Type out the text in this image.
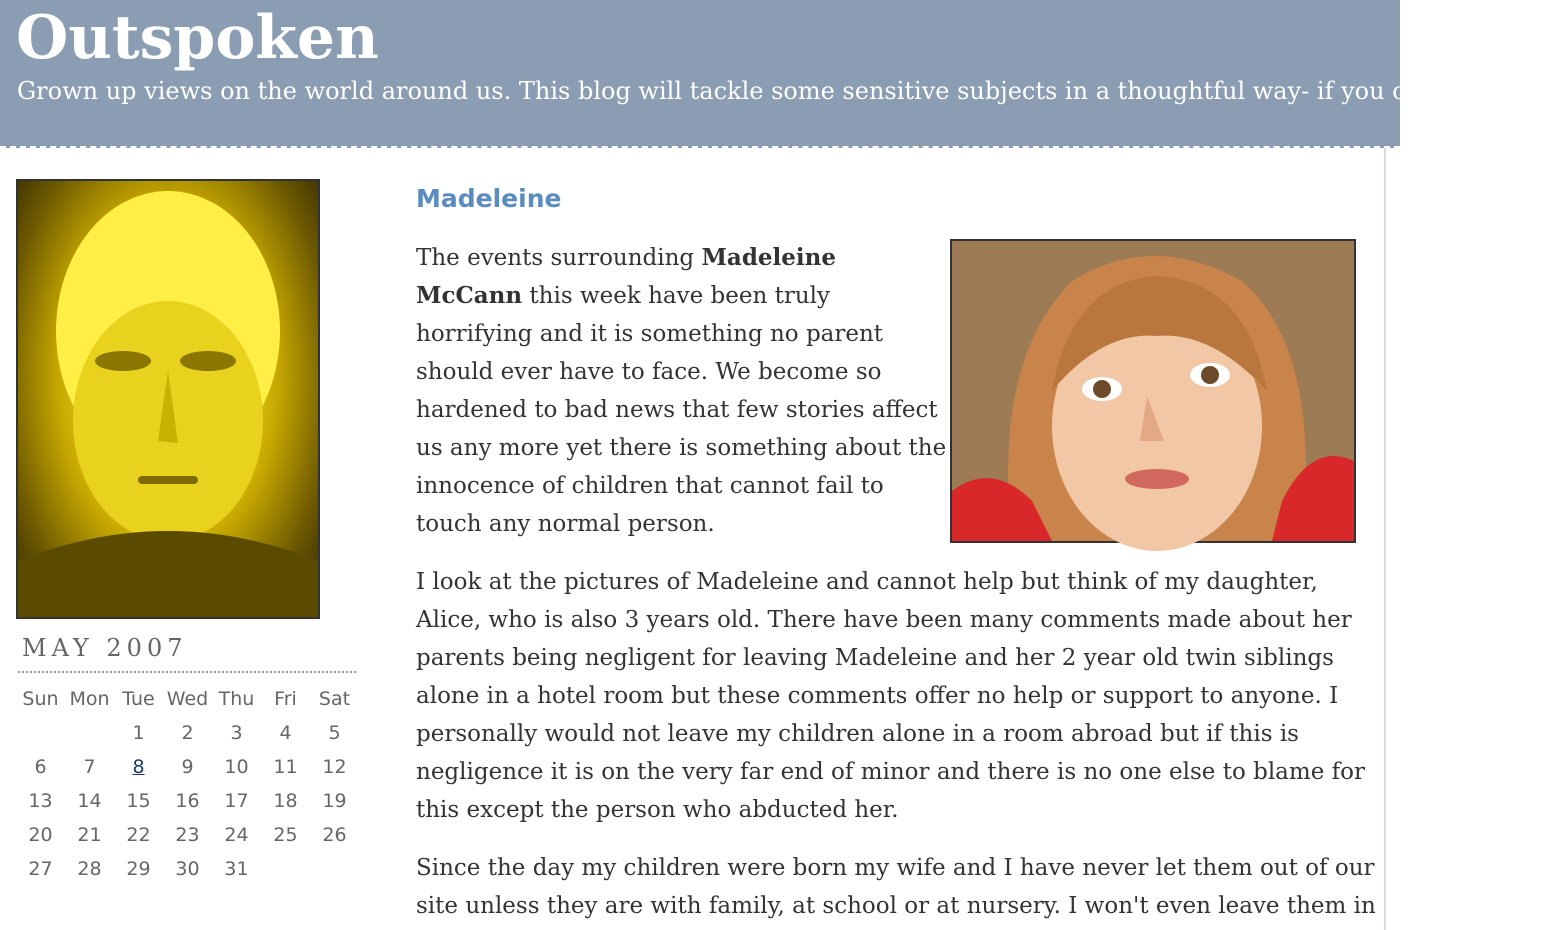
Outspoken

Grown up views on the world around us. This blog will tackle some sensitive subjects in a thoughtful way- if you can't handle it

MAY 2007
Sun	Mon	Tue	Wed	Thu	Fri	Sat
		1	2	3	4	5
6	7	8	9	10	11	12
13	14	15	16	17	18	19
20	21	22	23	24	25	26
27	28	29	30	31		
Madeleine

The events surrounding Madeleine
McCann this week have been truly
horrifying and it is something no parent
should ever have to face. We become so
hardened to bad news that few stories affect
us any more yet there is something about the
innocence of children that cannot fail to
touch any normal person.

I look at the pictures of Madeleine and cannot help but think of my daughter,
Alice, who is also 3 years old. There have been many comments made about her
parents being negligent for leaving Madeleine and her 2 year old twin siblings
alone in a hotel room but these comments offer no help or support to anyone. I
personally would not leave my children alone in a room abroad but if this is
negligence it is on the very far end of minor and there is no one else to blame for
this except the person who abducted her.

Since the day my children were born my wife and I have never let them out of our
site unless they are with family, at school or at nursery. I won't even leave them in
